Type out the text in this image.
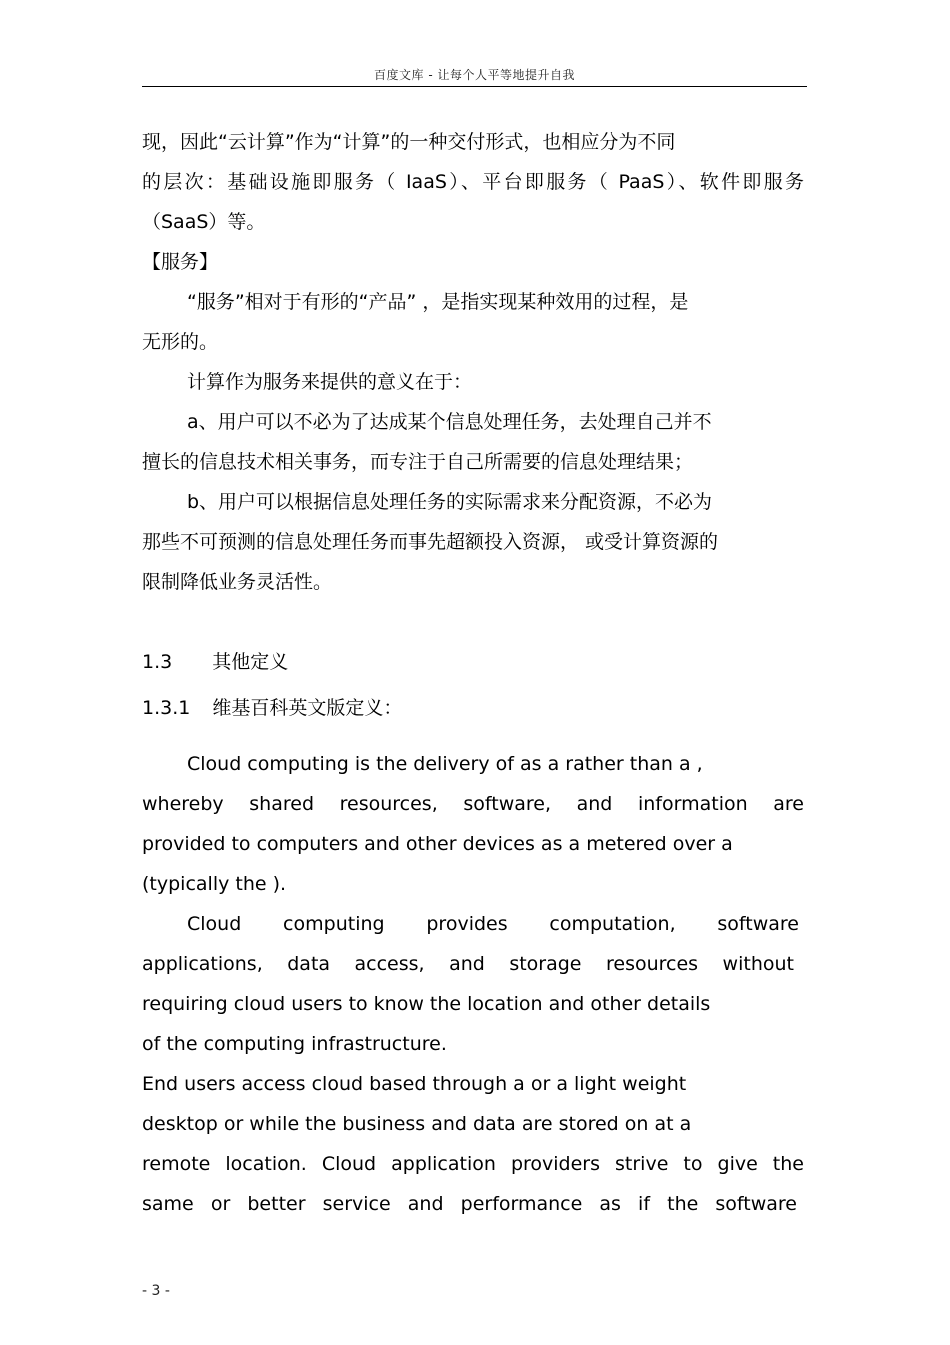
百度文库 - 让每个人平等地提升自我
现，因此“云计算”作为“计算”的一种交付形式，也相应分为不同
的层次：基础设施即服务（ IaaS）、平台即服务（ PaaS）、软件即服务
（SaaS）等。
【服务】
“服务”相对于有形的“产品” ，是指实现某种效用的过程，是
无形的。
计算作为服务来提供的意义在于：
a、用户可以不必为了达成某个信息处理任务，去处理自己并不
擅长的信息技术相关事务，而专注于自己所需要的信息处理结果；
b、用户可以根据信息处理任务的实际需求来分配资源，不必为
那些不可预测的信息处理任务而事先超额投入资源， 或受计算资源的
限制降低业务灵活性。
1.3 其他定义
1.3.1 维基百科英文版定义：
Cloud computing is the delivery of as a rather than a ,
whereby shared resources, software, and information are
provided to computers and other devices as a metered over a
(typically the ).
Cloud computing provides computation, software
applications, data access, and storage resources without
requiring cloud users to know the location and other details
of the computing infrastructure.
End users access cloud based through a or a light weight
desktop or while the business and data are stored on at a
remote location. Cloud application providers strive to give the
same or better service and performance as if the software
- 3 -
